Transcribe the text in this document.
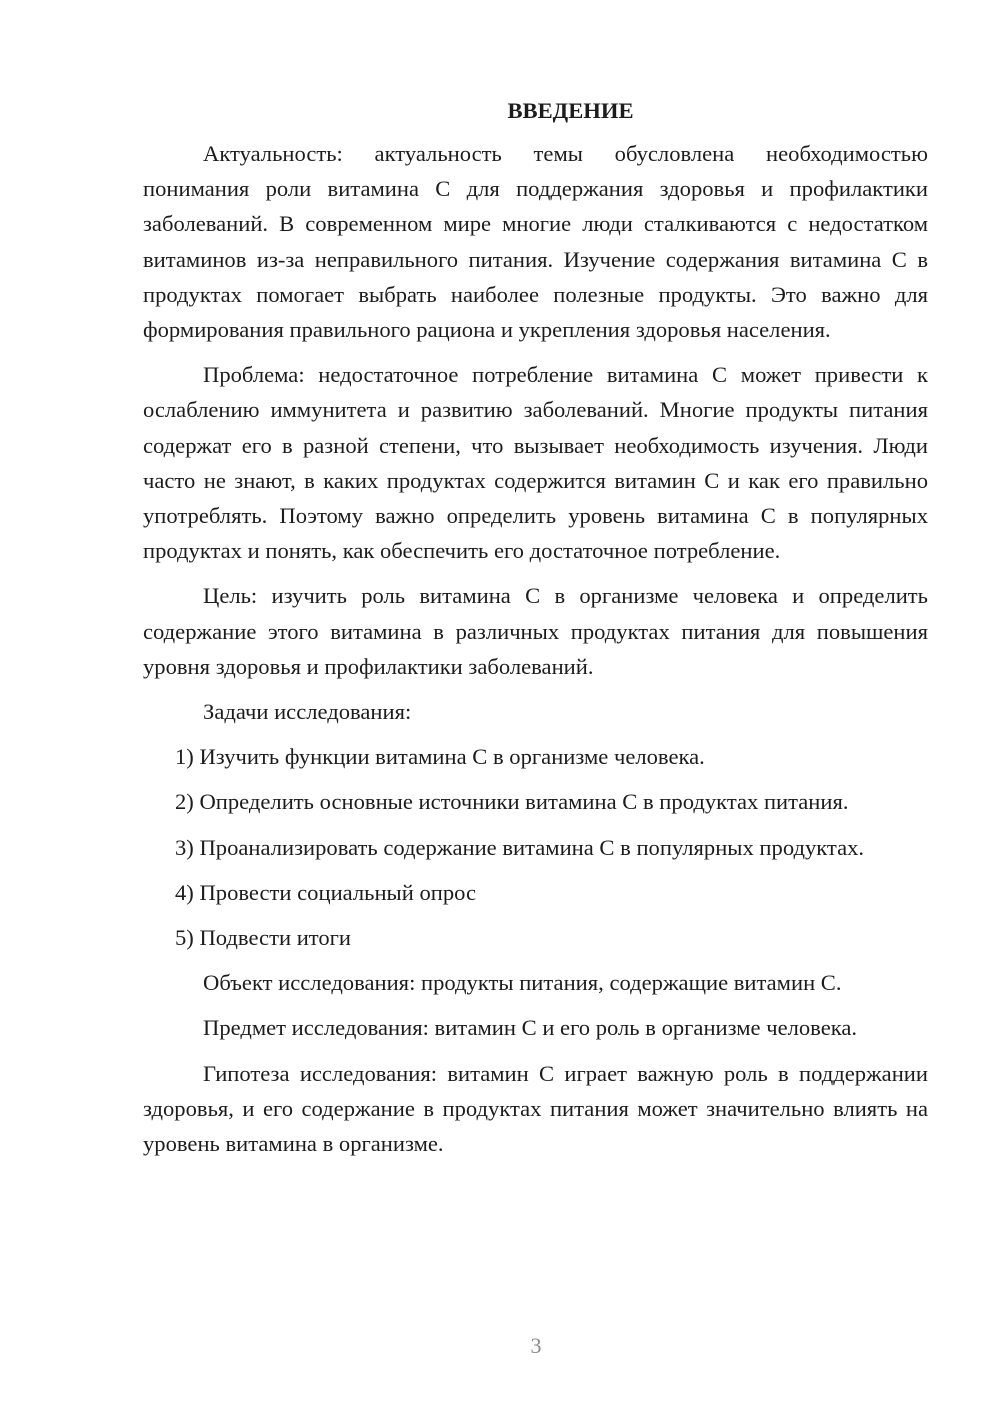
ВВЕДЕНИЕ

Актуальность: актуальность темы обусловлена необходимостью понимания роли витамина С для поддержания здоровья и профилактики заболеваний. В современном мире многие люди сталкиваются с недостатком витаминов из-за неправильного питания. Изучение содержания витамина С в продуктах помогает выбрать наиболее полезные продукты. Это важно для формирования правильного рациона и укрепления здоровья населения.

Проблема: недостаточное потребление витамина С может привести к ослаблению иммунитета и развитию заболеваний. Многие продукты питания содержат его в разной степени, что вызывает необходимость изучения. Люди часто не знают, в каких продуктах содержится витамин С и как его правильно употреблять. Поэтому важно определить уровень витамина С в популярных продуктах и понять, как обеспечить его достаточное потребление.

Цель: изучить роль витамина С в организме человека и определить содержание этого витамина в различных продуктах питания для повышения уровня здоровья и профилактики заболеваний.

Задачи исследования:

1) Изучить функции витамина С в организме человека.

2) Определить основные источники витамина С в продуктах питания.

3) Проанализировать содержание витамина С в популярных продуктах.

4) Провести социальный опрос

5) Подвести итоги

Объект исследования: продукты питания, содержащие витамин С.

Предмет исследования: витамин С и его роль в организме человека.

Гипотеза исследования: витамин С играет важную роль в поддержании здоровья, и его содержание в продуктах питания может значительно влиять на уровень витамина в организме.

3
